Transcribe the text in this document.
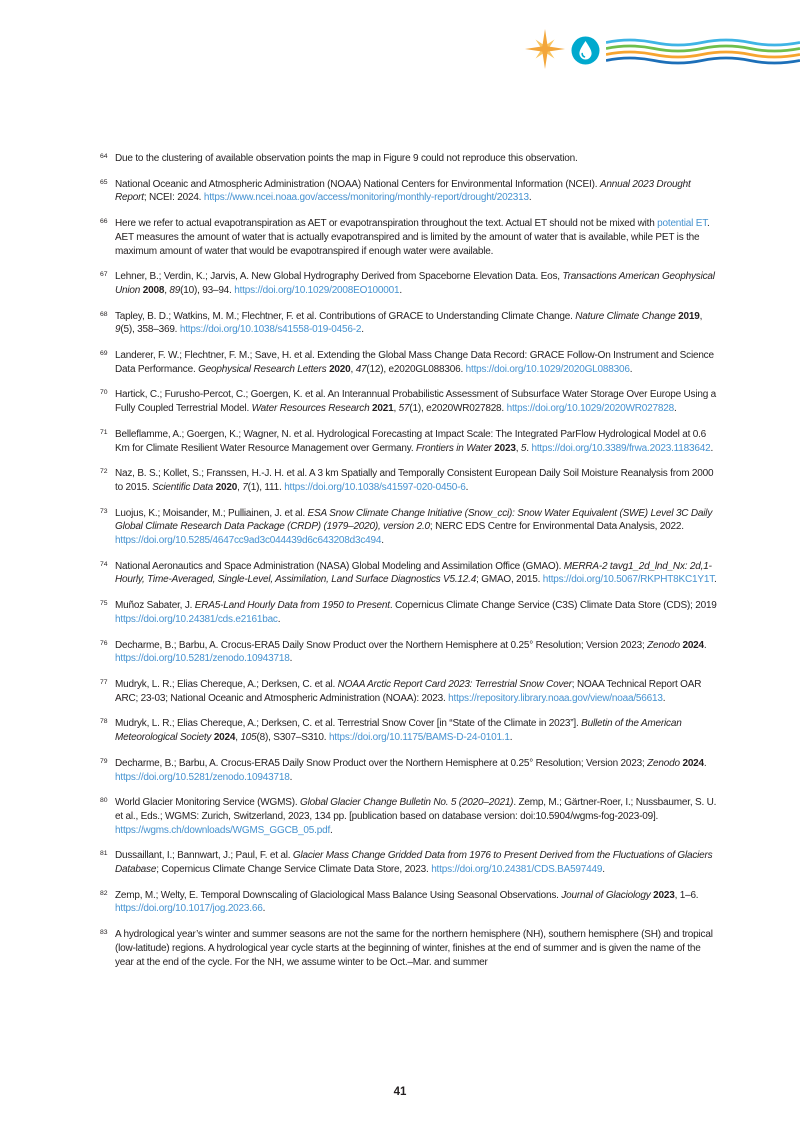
64 Due to the clustering of available observation points the map in Figure 9 could not reproduce this observation.
65 National Oceanic and Atmospheric Administration (NOAA) National Centers for Environmental Information (NCEI). Annual 2023 Drought Report; NCEI: 2024. https://www.ncei.noaa.gov/access/monitoring/monthly-report/drought/202313.
66 Here we refer to actual evapotranspiration as AET or evapotranspiration throughout the text. Actual ET should not be mixed with potential ET. AET measures the amount of water that is actually evapotranspired and is limited by the amount of water that is available, while PET is the maximum amount of water that would be evapotranspired if enough water were available.
67 Lehner, B.; Verdin, K.; Jarvis, A. New Global Hydrography Derived from Spaceborne Elevation Data. Eos, Transactions American Geophysical Union 2008, 89(10), 93–94. https://doi.org/10.1029/2008EO100001.
68 Tapley, B. D.; Watkins, M. M.; Flechtner, F. et al. Contributions of GRACE to Understanding Climate Change. Nature Climate Change 2019, 9(5), 358–369. https://doi.org/10.1038/s41558-019-0456-2.
69 Landerer, F. W.; Flechtner, F. M.; Save, H. et al. Extending the Global Mass Change Data Record: GRACE Follow-On Instrument and Science Data Performance. Geophysical Research Letters 2020, 47(12), e2020GL088306. https://doi.org/10.1029/2020GL088306.
70 Hartick, C.; Furusho-Percot, C.; Goergen, K. et al. An Interannual Probabilistic Assessment of Subsurface Water Storage Over Europe Using a Fully Coupled Terrestrial Model. Water Resources Research 2021, 57(1), e2020WR027828. https://doi.org/10.1029/2020WR027828.
71 Belleflamme, A.; Goergen, K.; Wagner, N. et al. Hydrological Forecasting at Impact Scale: The Integrated ParFlow Hydrological Model at 0.6 Km for Climate Resilient Water Resource Management over Germany. Frontiers in Water 2023, 5. https://doi.org/10.3389/frwa.2023.1183642.
72 Naz, B. S.; Kollet, S.; Franssen, H.-J. H. et al. A 3 km Spatially and Temporally Consistent European Daily Soil Moisture Reanalysis from 2000 to 2015. Scientific Data 2020, 7(1), 111. https://doi.org/10.1038/s41597-020-0450-6.
73 Luojus, K.; Moisander, M.; Pulliainen, J. et al. ESA Snow Climate Change Initiative (Snow_cci): Snow Water Equivalent (SWE) Level 3C Daily Global Climate Research Data Package (CRDP) (1979–2020), version 2.0; NERC EDS Centre for Environmental Data Analysis, 2022. https://doi.org/10.5285/4647cc9ad3c044439d6c643208d3c494.
74 National Aeronautics and Space Administration (NASA) Global Modeling and Assimilation Office (GMAO). MERRA-2 tavg1_2d_lnd_Nx: 2d,1-Hourly, Time-Averaged, Single-Level, Assimilation, Land Surface Diagnostics V5.12.4; GMAO, 2015. https://doi.org/10.5067/RKPHT8KC1Y1T.
75 Muñoz Sabater, J. ERA5-Land Hourly Data from 1950 to Present. Copernicus Climate Change Service (C3S) Climate Data Store (CDS); 2019 https://doi.org/10.24381/cds.e2161bac.
76 Decharme, B.; Barbu, A. Crocus-ERA5 Daily Snow Product over the Northern Hemisphere at 0.25° Resolution; Version 2023; Zenodo 2024. https://doi.org/10.5281/zenodo.10943718.
77 Mudryk, L. R.; Elias Chereque, A.; Derksen, C. et al. NOAA Arctic Report Card 2023: Terrestrial Snow Cover; NOAA Technical Report OAR ARC; 23-03; National Oceanic and Atmospheric Administration (NOAA): 2023. https://repository.library.noaa.gov/view/noaa/56613.
78 Mudryk, L. R.; Elias Chereque, A.; Derksen, C. et al. Terrestrial Snow Cover [in “State of the Climate in 2023”]. Bulletin of the American Meteorological Society 2024, 105(8), S307–S310. https://doi.org/10.1175/BAMS-D-24-0101.1.
79 Decharme, B.; Barbu, A. Crocus-ERA5 Daily Snow Product over the Northern Hemisphere at 0.25° Resolution; Version 2023; Zenodo 2024. https://doi.org/10.5281/zenodo.10943718.
80 World Glacier Monitoring Service (WGMS). Global Glacier Change Bulletin No. 5 (2020–2021). Zemp, M.; Gärtner-Roer, I.; Nussbaumer, S. U. et al., Eds.; WGMS: Zurich, Switzerland, 2023, 134 pp. [publication based on database version: doi:10.5904/wgms-fog-2023-09]. https://wgms.ch/downloads/WGMS_GGCB_05.pdf.
81 Dussaillant, I.; Bannwart, J.; Paul, F. et al. Glacier Mass Change Gridded Data from 1976 to Present Derived from the Fluctuations of Glaciers Database; Copernicus Climate Change Service Climate Data Store, 2023. https://doi.org/10.24381/CDS.BA597449.
82 Zemp, M.; Welty, E. Temporal Downscaling of Glaciological Mass Balance Using Seasonal Observations. Journal of Glaciology 2023, 1–6. https://doi.org/10.1017/jog.2023.66.
83 A hydrological year’s winter and summer seasons are not the same for the northern hemisphere (NH), southern hemisphere (SH) and tropical (low-latitude) regions. A hydrological year cycle starts at the beginning of winter, finishes at the end of summer and is given the name of the year at the end of the cycle. For the NH, we assume winter to be Oct.–Mar. and summer
41
